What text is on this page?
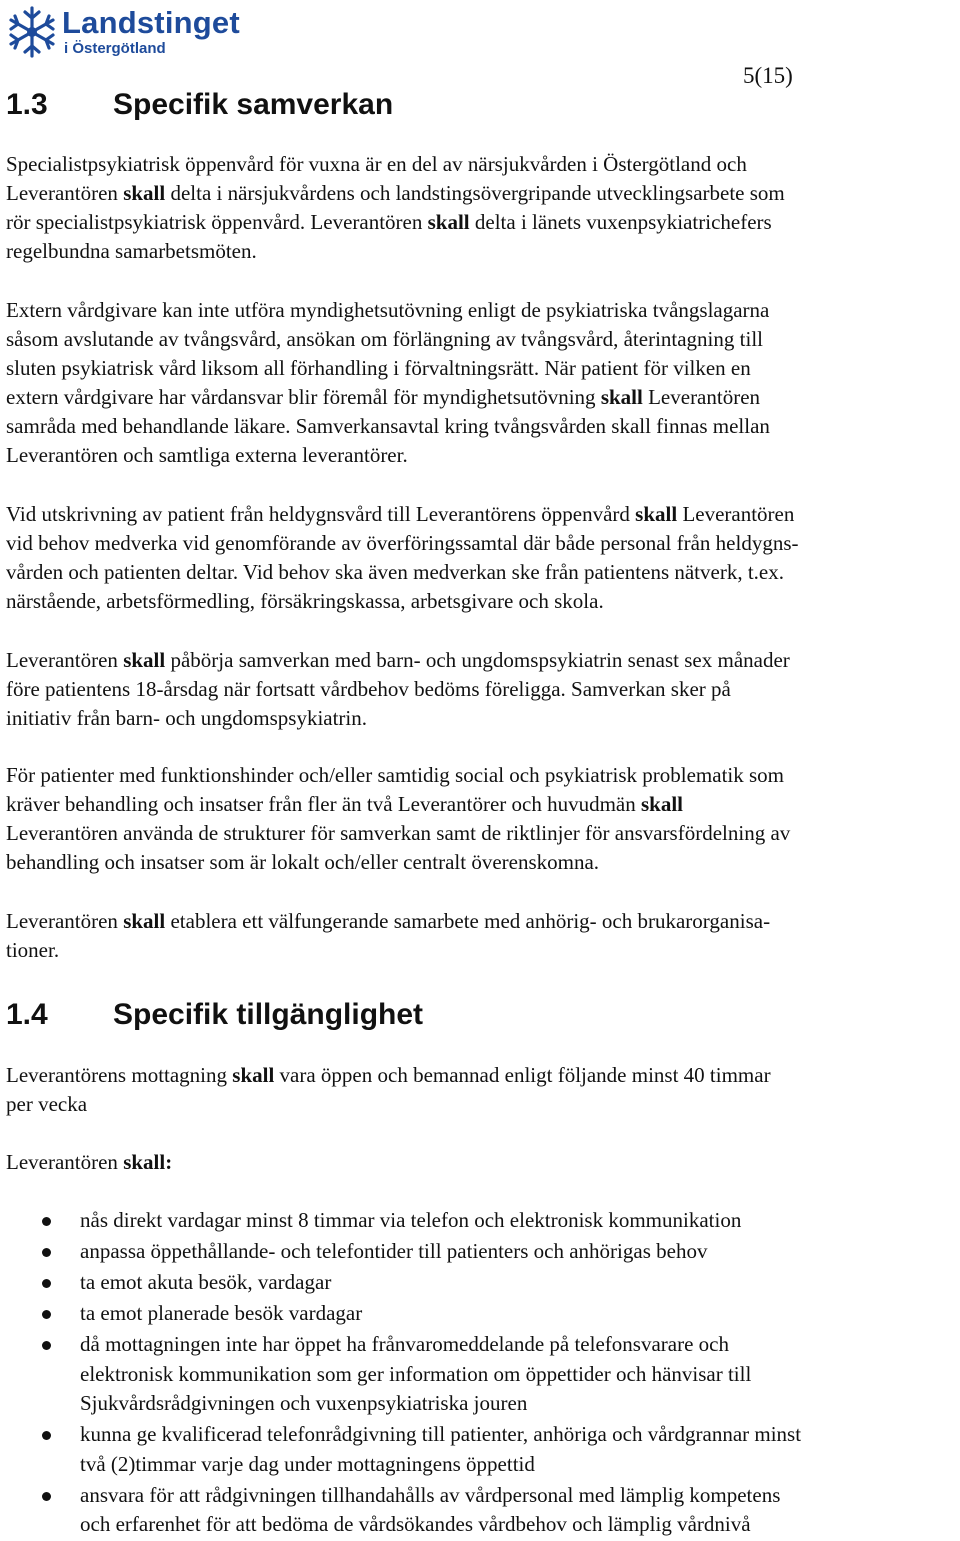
Landstinget
i Östergötland
5(15)
1.3 Specifik samverkan
Specialistpsykiatrisk öppenvård för vuxna är en del av närsjukvården i Östergötland och
Leverantören skall delta i närsjukvårdens och landstingsövergripande utvecklingsarbete som
rör specialistpsykiatrisk öppenvård. Leverantören skall delta i länets vuxenpsykiatrichefers
regelbundna samarbetsmöten.
Extern vårdgivare kan inte utföra myndighetsutövning enligt de psykiatriska tvångslagarna
såsom avslutande av tvångsvård, ansökan om förlängning av tvångsvård, återintagning till
sluten psykiatrisk vård liksom all förhandling i förvaltningsrätt. När patient för vilken en
extern vårdgivare har vårdansvar blir föremål för myndighetsutövning skall Leverantören
samråda med behandlande läkare. Samverkansavtal kring tvångsvården skall finnas mellan
Leverantören och samtliga externa leverantörer.
Vid utskrivning av patient från heldygnsvård till Leverantörens öppenvård skall Leverantören
vid behov medverka vid genomförande av överföringssamtal där både personal från heldygns-
vården och patienten deltar. Vid behov ska även medverkan ske från patientens nätverk, t.ex.
närstående, arbetsförmedling, försäkringskassa, arbetsgivare och skola.
Leverantören skall påbörja samverkan med barn- och ungdomspsykiatrin senast sex månader
före patientens 18-årsdag när fortsatt vårdbehov bedöms föreligga. Samverkan sker på
initiativ från barn- och ungdomspsykiatrin.
För patienter med funktionshinder och/eller samtidig social och psykiatrisk problematik som
kräver behandling och insatser från fler än två Leverantörer och huvudmän skall
Leverantören använda de strukturer för samverkan samt de riktlinjer för ansvarsfördelning av
behandling och insatser som är lokalt och/eller centralt överenskomna.
Leverantören skall etablera ett välfungerande samarbete med anhörig- och brukarorganisa-
tioner.
1.4 Specifik tillgänglighet
Leverantörens mottagning skall vara öppen och bemannad enligt följande minst 40 timmar
per vecka
Leverantören skall:
nås direkt vardagar minst 8 timmar via telefon och elektronisk kommunikation
anpassa öppethållande- och telefontider till patienters och anhörigas behov
ta emot akuta besök, vardagar
ta emot planerade besök vardagar
då mottagningen inte har öppet ha frånvaromeddelande på telefonsvarare och
elektronisk kommunikation som ger information om öppettider och hänvisar till
Sjukvårdsrådgivningen och vuxenpsykiatriska jouren
kunna ge kvalificerad telefonrådgivning till patienter, anhöriga och vårdgrannar minst
två (2)timmar varje dag under mottagningens öppettid
ansvara för att rådgivningen tillhandahålls av vårdpersonal med lämplig kompetens
och erfarenhet för att bedöma de vårdsökandes vårdbehov och lämplig vårdnivå
